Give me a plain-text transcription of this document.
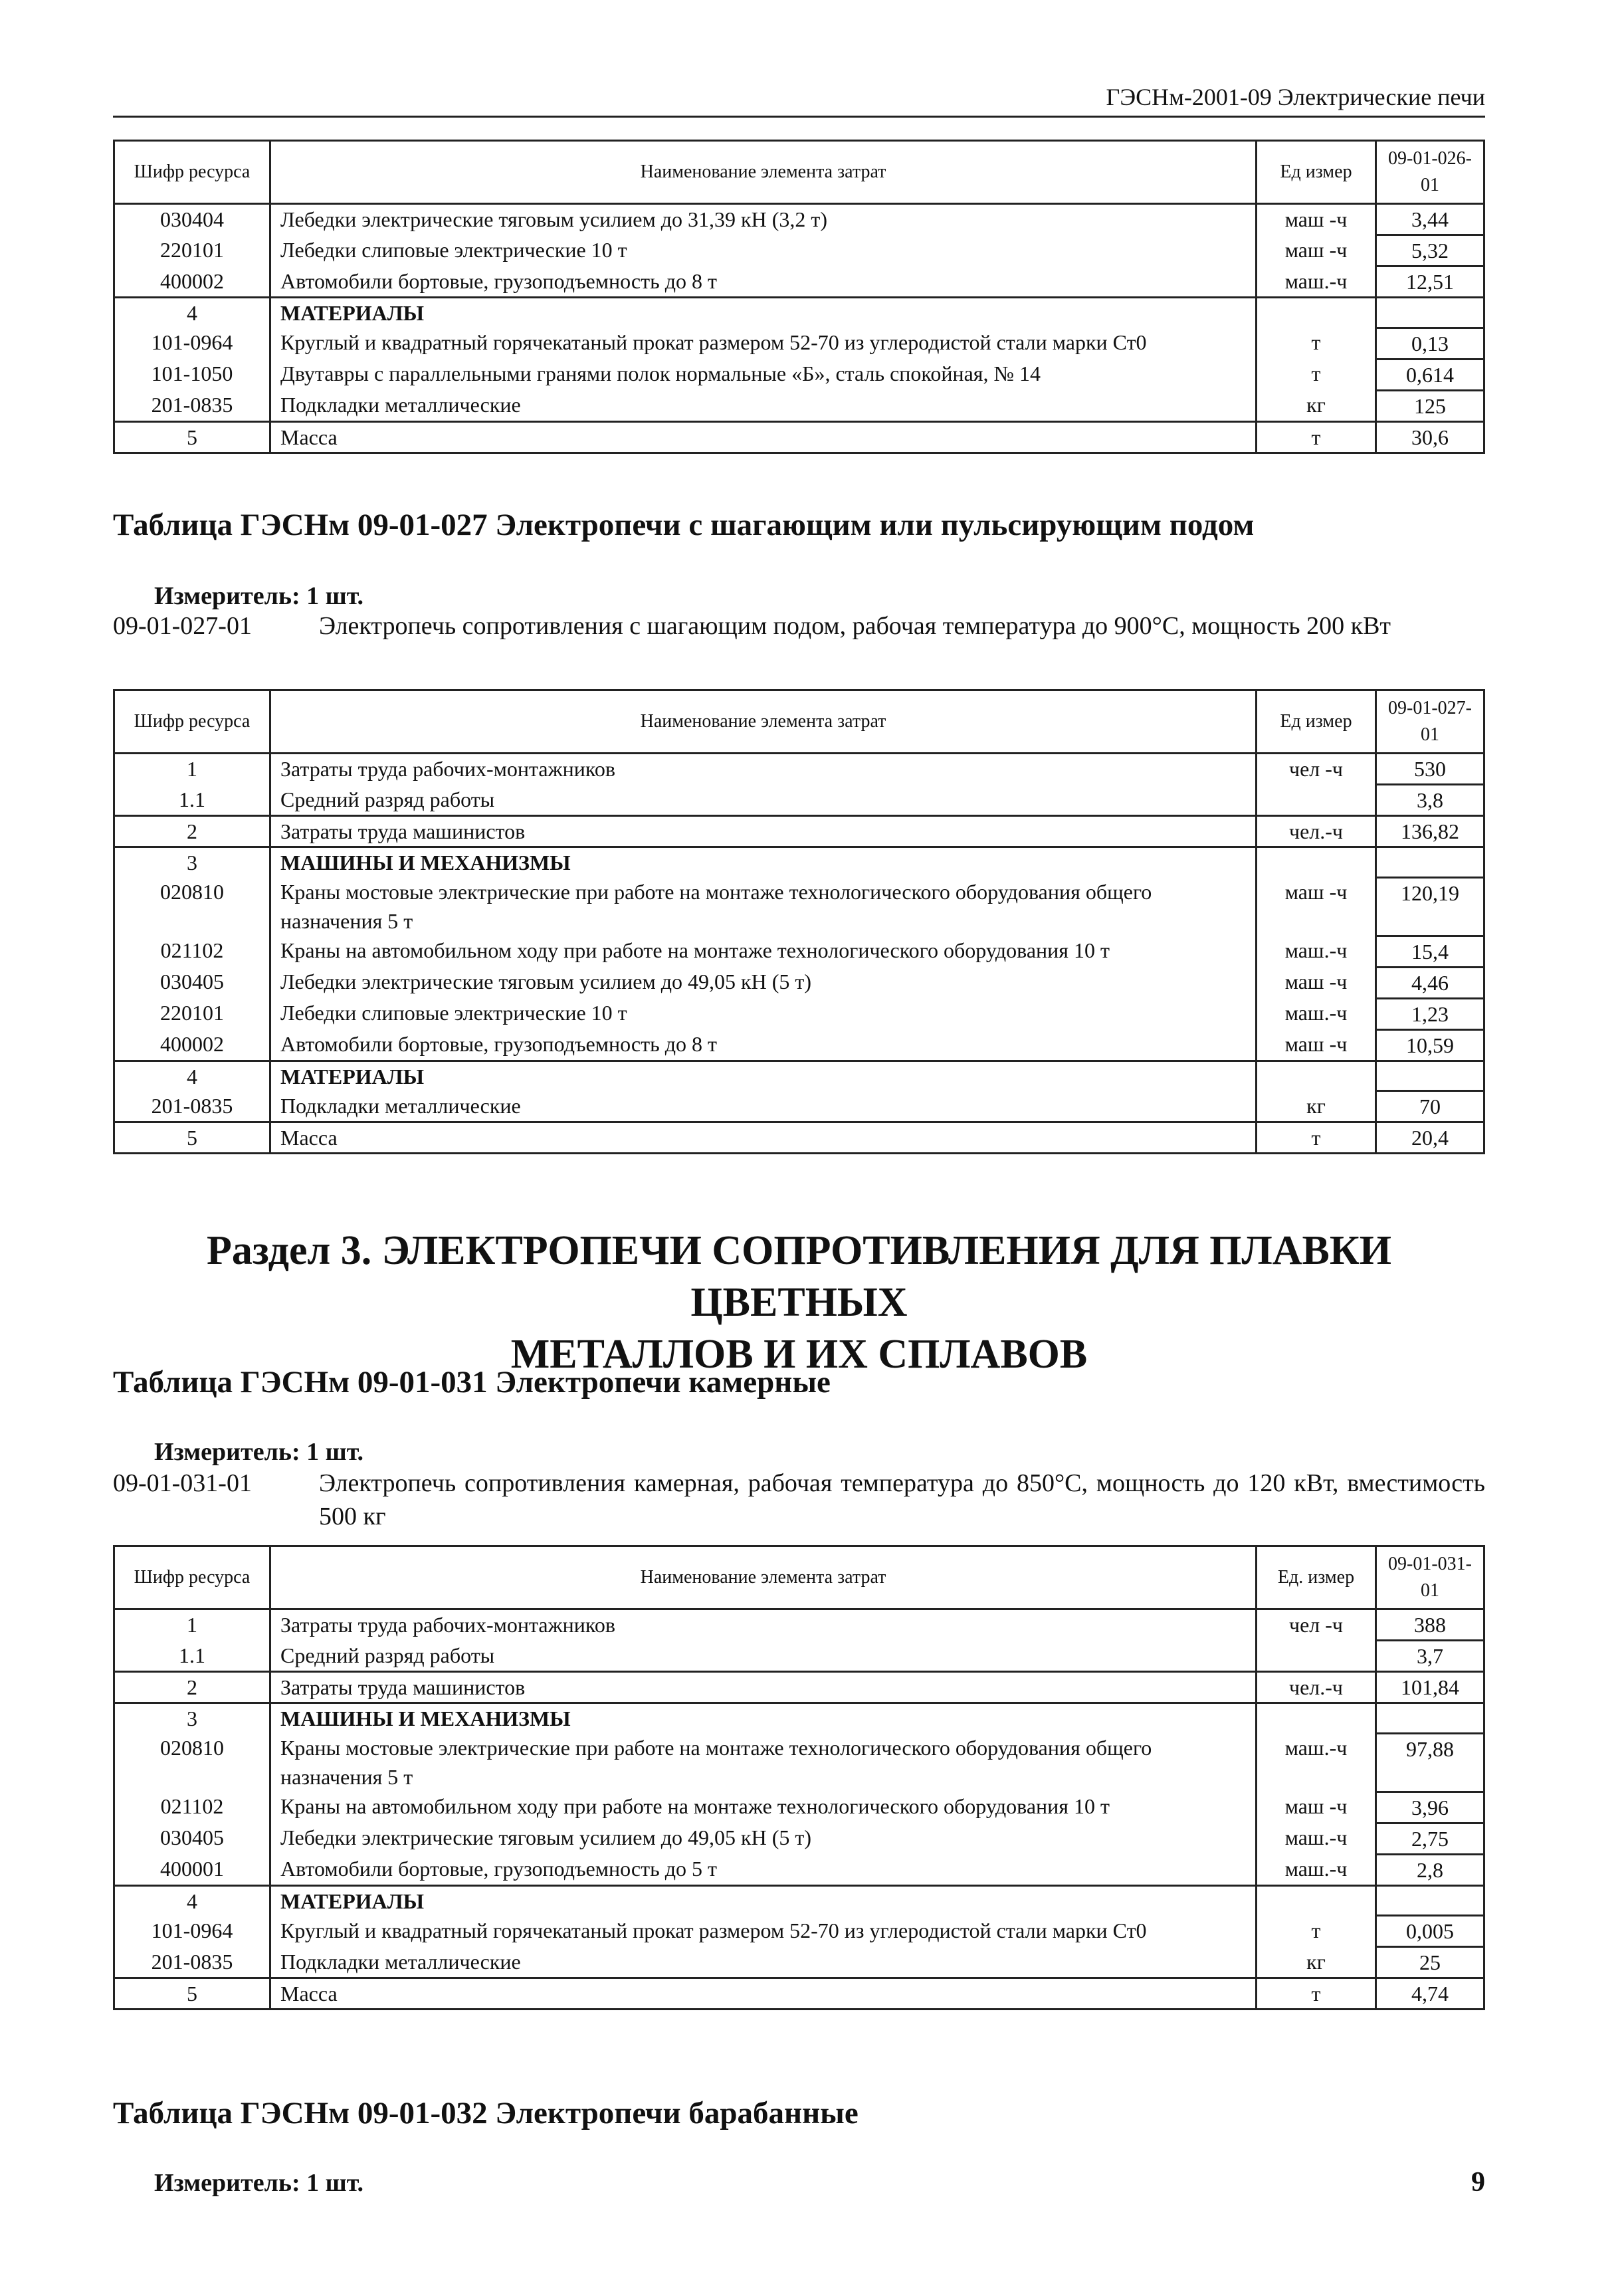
ГЭСНм-2001-09 Электрические печи
Шифр ресурса	Наименование элемента затрат	Ед измер	09-01-026-01
030404	Лебедки электрические тяговым усилием до 31,39 кН (3,2 т)	маш -ч	3,44
220101	Лебедки слиповые электрические 10 т	маш -ч	5,32
400002	Автомобили бортовые, грузоподъемность до 8 т	маш.-ч	12,51
4	МАТЕРИАЛЫ		
101-0964	Круглый и квадратный горячекатаный прокат размером 52-70 из углеродистой стали марки Ст0	т	0,13
101-1050	Двутавры с параллельными гранями полок нормальные «Б», сталь спокойная, № 14	т	0,614
201-0835	Подкладки металлические	кг	125
5	Масса	т	30,6
Таблица ГЭСНм 09-01-027 Электропечи с шагающим или пульсирующим подом
Измеритель: 1 шт.
09-01-027-01	Электропечь сопротивления с шагающим подом, рабочая температура до 900°С, мощность 200 кВт
Шифр ресурса	Наименование элемента затрат	Ед измер	09-01-027-01
1	Затраты труда рабочих-монтажников	чел -ч	530
1.1	Средний разряд работы		3,8
2	Затраты труда машинистов	чел.-ч	136,82
3	МАШИНЫ И МЕХАНИЗМЫ		
020810	Краны мостовые электрические при работе на монтаже технологического оборудования общего назначения 5 т	маш -ч	120,19
021102	Краны на автомобильном ходу при работе на монтаже технологического оборудования 10 т	маш.-ч	15,4
030405	Лебедки электрические тяговым усилием до 49,05 кН (5 т)	маш -ч	4,46
220101	Лебедки слиповые электрические 10 т	маш.-ч	1,23
400002	Автомобили бортовые, грузоподъемность до 8 т	маш -ч	10,59
4	МАТЕРИАЛЫ		
201-0835	Подкладки металлические	кг	70
5	Масса	т	20,4
Раздел 3. ЭЛЕКТРОПЕЧИ СОПРОТИВЛЕНИЯ ДЛЯ ПЛАВКИ ЦВЕТНЫХ
МЕТАЛЛОВ И ИХ СПЛАВОВ
Таблица ГЭСНм 09-01-031 Электропечи камерные
Измеритель: 1 шт.
09-01-031-01	Электропечь сопротивления камерная, рабочая температура до 850°С, мощность до 120 кВт, вместимость 500 кг
Шифр ресурса	Наименование элемента затрат	Ед. измер	09-01-031-01
1	Затраты труда рабочих-монтажников	чел -ч	388
1.1	Средний разряд работы		3,7
2	Затраты труда машинистов	чел.-ч	101,84
3	МАШИНЫ И МЕХАНИЗМЫ		
020810	Краны мостовые электрические при работе на монтаже технологического оборудования общего назначения 5 т	маш.-ч	97,88
021102	Краны на автомобильном ходу при работе на монтаже технологического оборудования 10 т	маш -ч	3,96
030405	Лебедки электрические тяговым усилием до 49,05 кН (5 т)	маш.-ч	2,75
400001	Автомобили бортовые, грузоподъемность до 5 т	маш.-ч	2,8
4	МАТЕРИАЛЫ		
101-0964	Круглый и квадратный горячекатаный прокат размером 52-70 из углеродистой стали марки Ст0	т	0,005
201-0835	Подкладки металлические	кг	25
5	Масса	т	4,74
Таблица ГЭСНм 09-01-032 Электропечи барабанные
Измеритель: 1 шт.	9
